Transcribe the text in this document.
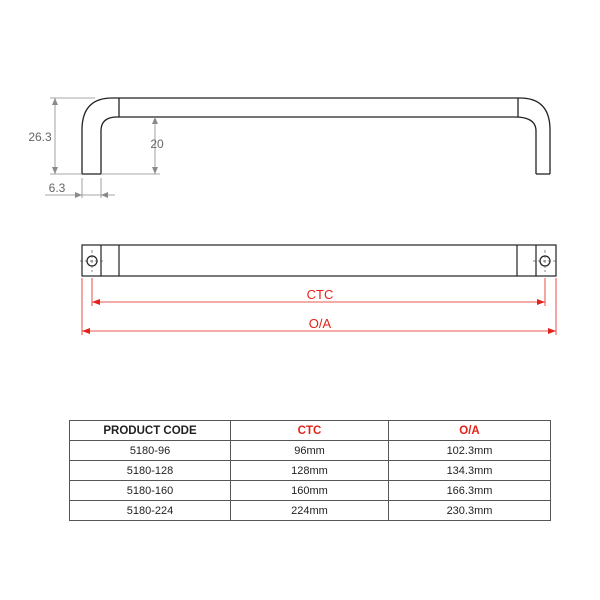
26.3	20
6.3
CTC
O/A
PRODUCT CODE	CTC	O/A
5180-96	96mm	102.3mm
5180-128	128mm	134.3mm
5180-160	160mm	166.3mm
5180-224	224mm	230.3mm
